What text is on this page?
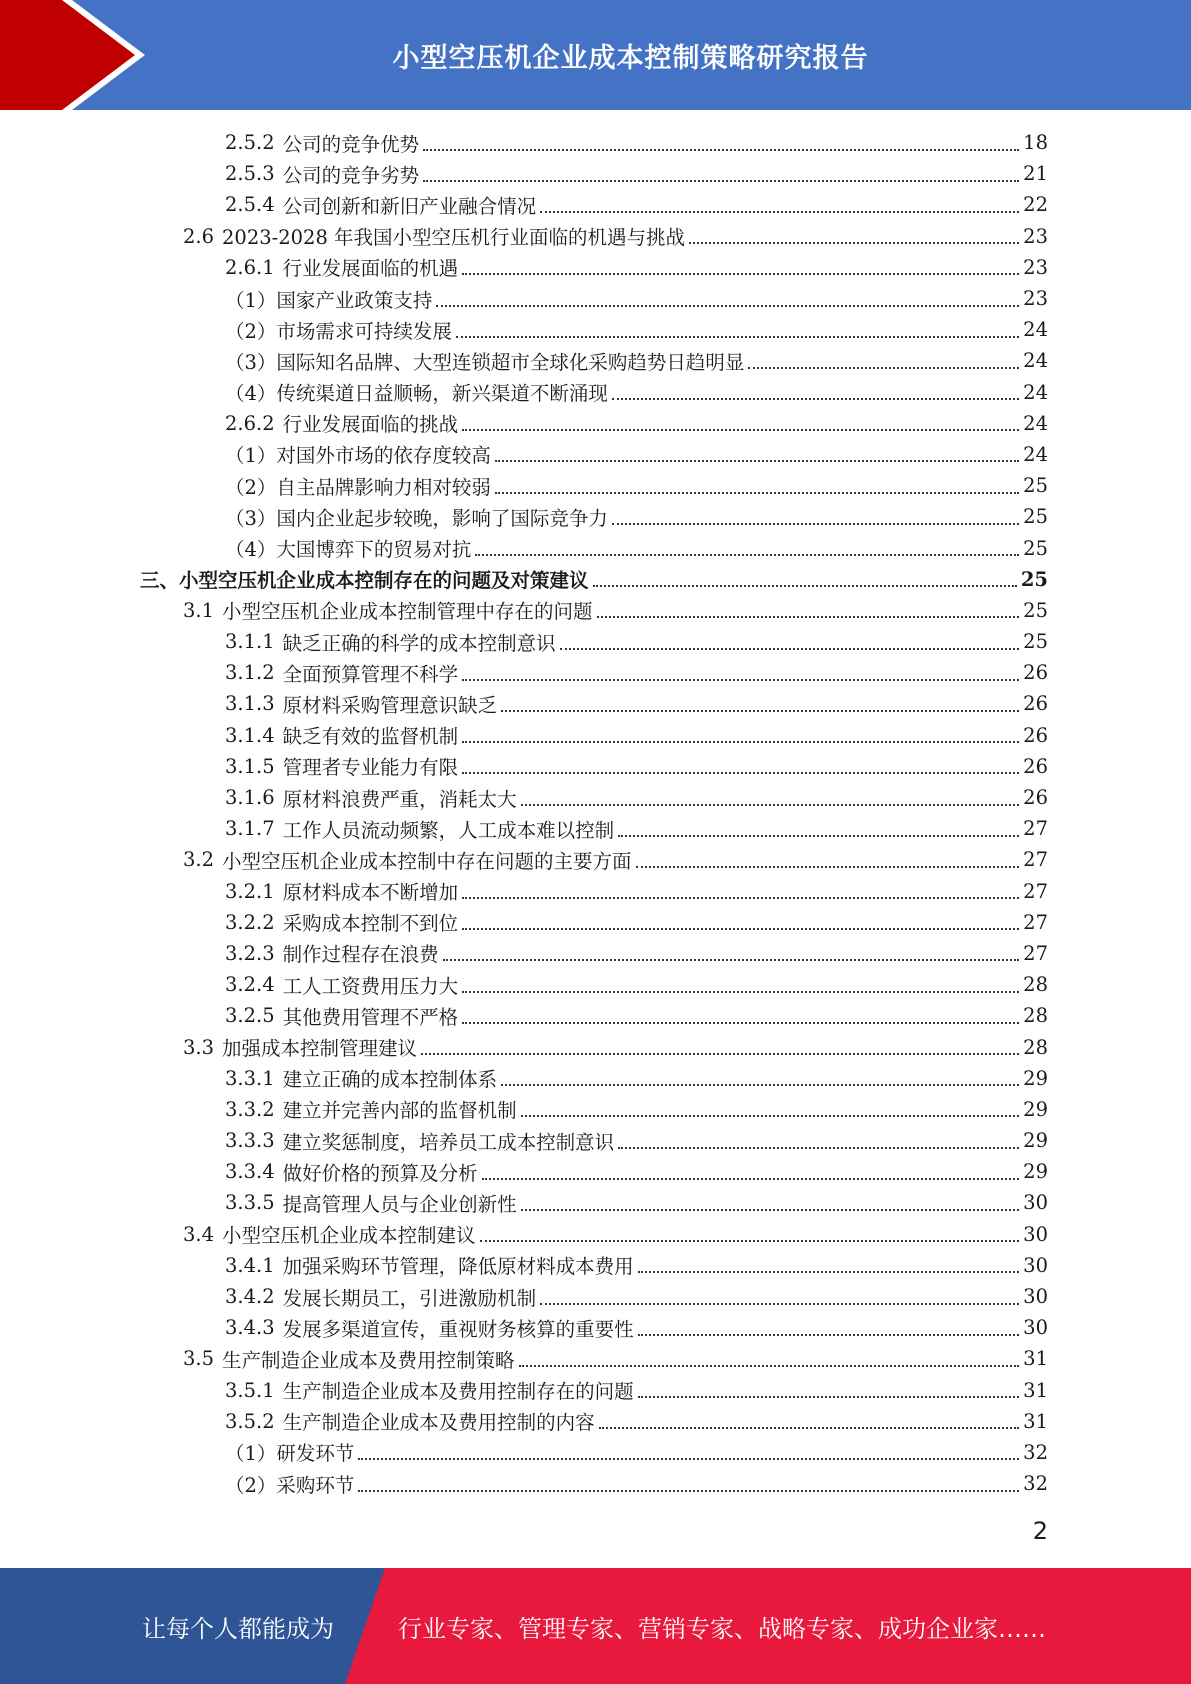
小型空压机企业成本控制策略研究报告
2.5.2 公司的竞争优势	18
2.5.3 公司的竞争劣势	21
2.5.4 公司创新和新旧产业融合情况	22
2.6 2023-2028 年我国小型空压机行业面临的机遇与挑战	23
2.6.1 行业发展面临的机遇	23
（1） 国家产业政策支持	23
（2） 市场需求可持续发展	24
（3） 国际知名品牌、大型连锁超市全球化采购趋势日趋明显	24
（4） 传统渠道日益顺畅，新兴渠道不断涌现	24
2.6.2 行业发展面临的挑战	24
（1） 对国外市场的依存度较高	24
（2） 自主品牌影响力相对较弱	25
（3） 国内企业起步较晚，影响了国际竞争力	25
（4） 大国博弈下的贸易对抗	25
三、 小型空压机企业成本控制存在的问题及对策建议	25
3.1 小型空压机企业成本控制管理中存在的问题	25
3.1.1 缺乏正确的科学的成本控制意识	25
3.1.2 全面预算管理不科学	26
3.1.3 原材料采购管理意识缺乏	26
3.1.4 缺乏有效的监督机制	26
3.1.5 管理者专业能力有限	26
3.1.6 原材料浪费严重，消耗太大	26
3.1.7 工作人员流动频繁，人工成本难以控制	27
3.2 小型空压机企业成本控制中存在问题的主要方面	27
3.2.1 原材料成本不断增加	27
3.2.2 采购成本控制不到位	27
3.2.3 制作过程存在浪费	27
3.2.4 工人工资费用压力大	28
3.2.5 其他费用管理不严格	28
3.3 加强成本控制管理建议	28
3.3.1 建立正确的成本控制体系	29
3.3.2 建立并完善内部的监督机制	29
3.3.3 建立奖惩制度，培养员工成本控制意识	29
3.3.4 做好价格的预算及分析	29
3.3.5 提高管理人员与企业创新性	30
3.4 小型空压机企业成本控制建议	30
3.4.1 加强采购环节管理，降低原材料成本费用	30
3.4.2 发展长期员工，引进激励机制	30
3.4.3 发展多渠道宣传，重视财务核算的重要性	30
3.5 生产制造企业成本及费用控制策略	31
3.5.1 生产制造企业成本及费用控制存在的问题	31
3.5.2 生产制造企业成本及费用控制的内容	31
（1） 研发环节	32
（2） 采购环节	32
2
让每个人都能成为	行业专家、管理专家、营销专家、战略专家、成功企业家……
